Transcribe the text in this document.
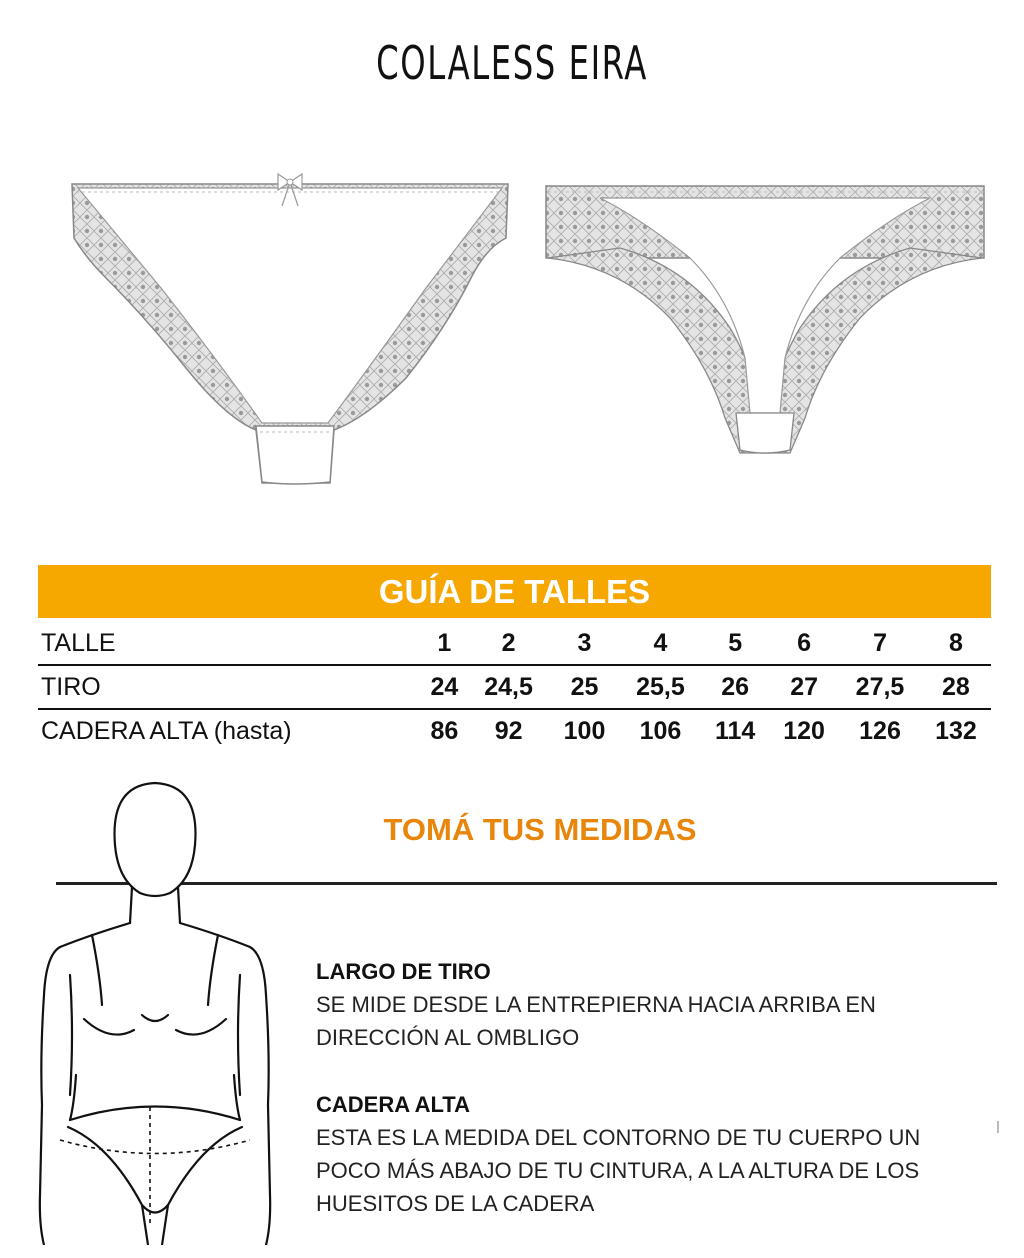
COLALESS EIRA
GUÍA DE TALLES
TALLE	1	2	3	4	5	6	7	8
TIRO	24	24,5	25	25,5	26	27	27,5	28
CADERA ALTA (hasta)	86	92	100	106	114	120	126	132
TOMÁ TUS MEDIDAS
LARGO DE TIRO

SE MIDE DESDE LA ENTREPIERNA HACIA ARRIBA EN DIRECCIÓN AL OMBLIGO

CADERA ALTA

ESTA ES LA MEDIDA DEL CONTORNO DE TU CUERPO UN POCO MÁS ABAJO DE TU CINTURA, A LA ALTURA DE LOS HUESITOS DE LA CADERA
